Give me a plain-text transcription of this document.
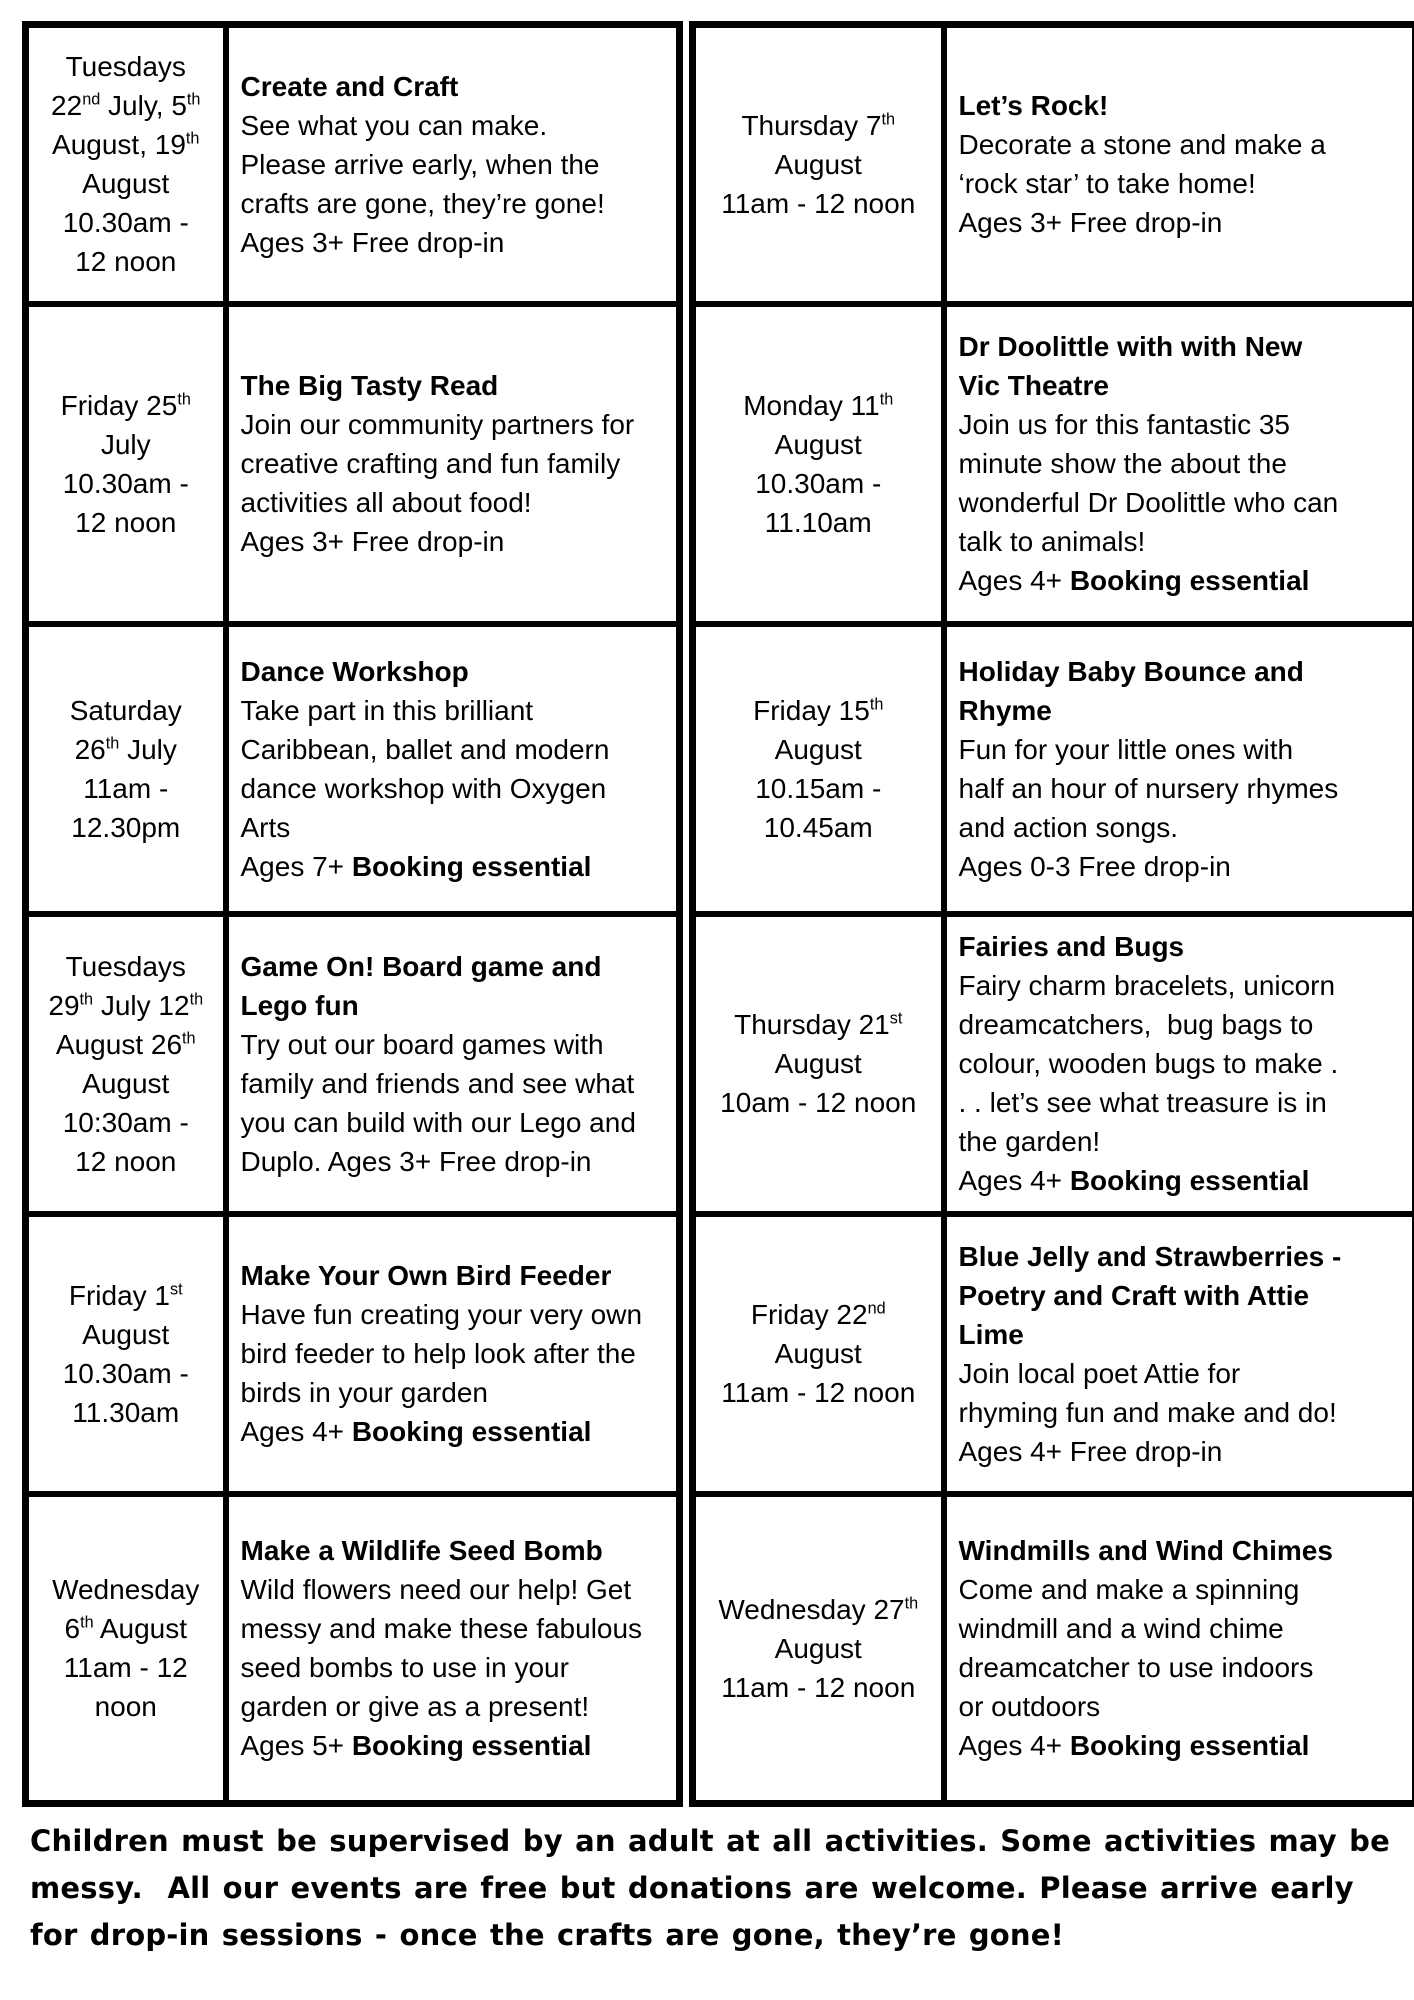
Tuesdays
22nd July, 5th
August, 19th
August
10.30am -
12 noon	Create and Craft
See what you can make.
Please arrive early, when the
crafts are gone, they’re gone!
Ages 3+ Free drop-in
Friday 25th
July
10.30am -
12 noon	The Big Tasty Read
Join our community partners for
creative crafting and fun family
activities all about food!
Ages 3+ Free drop-in
Saturday
26th July
11am -
12.30pm	Dance Workshop
Take part in this brilliant
Caribbean, ballet and modern
dance workshop with Oxygen
Arts
Ages 7+ Booking essential
Tuesdays
29th July 12th
August 26th
August
10:30am -
12 noon	Game On! Board game and
Lego fun
Try out our board games with
family and friends and see what
you can build with our Lego and
Duplo. Ages 3+ Free drop-in
Friday 1st
August
10.30am -
11.30am	Make Your Own Bird Feeder
Have fun creating your very own
bird feeder to help look after the
birds in your garden
Ages 4+ Booking essential
Wednesday
6th August
11am - 12
noon	Make a Wildlife Seed Bomb
Wild flowers need our help! Get
messy and make these fabulous
seed bombs to use in your
garden or give as a present!
Ages 5+ Booking essential
Thursday 7th
August
11am - 12 noon	Let’s Rock!
Decorate a stone and make a
‘rock star’ to take home!
Ages 3+ Free drop-in
Monday 11th
August
10.30am -
11.10am	Dr Doolittle with with New
Vic Theatre
Join us for this fantastic 35
minute show the about the
wonderful Dr Doolittle who can
talk to animals!
Ages 4+ Booking essential
Friday 15th
August
10.15am -
10.45am	Holiday Baby Bounce and
Rhyme
Fun for your little ones with
half an hour of nursery rhymes
and action songs.
Ages 0-3 Free drop-in
Thursday 21st
August
10am - 12 noon	Fairies and Bugs
Fairy charm bracelets, unicorn
dreamcatchers,  bug bags to
colour, wooden bugs to make .
. . let’s see what treasure is in
the garden!
Ages 4+ Booking essential
Friday 22nd
August
11am - 12 noon	Blue Jelly and Strawberries -
Poetry and Craft with Attie
Lime
Join local poet Attie for
rhyming fun and make and do!
Ages 4+ Free drop-in
Wednesday 27th
August
11am - 12 noon	Windmills and Wind Chimes
Come and make a spinning
windmill and a wind chime
dreamcatcher to use indoors
or outdoors
Ages 4+ Booking essential
Children must be supervised by an adult at all activities. Some activities may be
messy.  All our events are free but donations are welcome. Please arrive early
for drop-in sessions - once the crafts are gone, they’re gone!
